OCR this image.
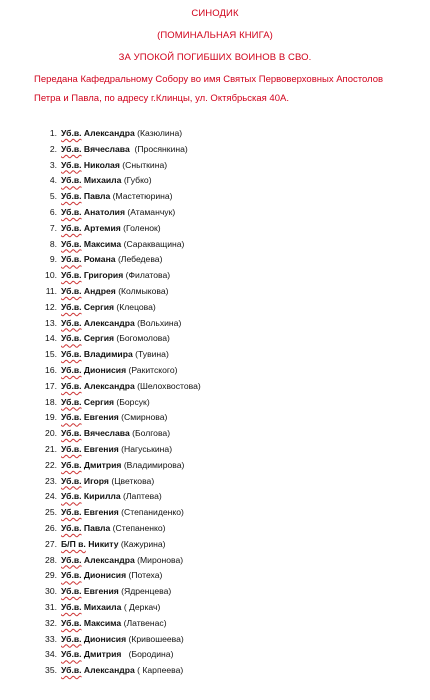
СИНОДИК
(ПОМИНАЛЬНАЯ КНИГА)
ЗА УПОКОЙ ПОГИБШИХ ВОИНОВ В СВО.
Передана Кафедральному Собору во имя Святых Первоверховных Апостолов
Петра и Павла, по адресу г.Клинцы, ул. Октябрьская 40А.
1. Уб.в. Александра (Казюлина)
2. Уб.в. Вячеслава  (Просянкина)
3. Уб.в. Николая (Сныткина)
4. Уб.в. Михаила (Губко)
5. Уб.в. Павла (Мастетюрина)
6. Уб.в. Анатолия (Атаманчук)
7. Уб.в. Артемия (Голенок)
8. Уб.в. Максима (Саракващина)
9. Уб.в. Романа (Лебедева)
10. Уб.в. Григория (Филатова)
11. Уб.в. Андрея (Колмыкова)
12. Уб.в. Сергия (Клецова)
13. Уб.в. Александра (Вольхина)
14. Уб.в. Сергия (Богомолова)
15. Уб.в. Владимира (Тувина)
16. Уб.в. Дионисия (Ракитского)
17. Уб.в. Александра (Шелохвостова)
18. Уб.в. Сергия (Борсук)
19. Уб.в. Евгения (Смирнова)
20. Уб.в. Вячеслава (Болгова)
21. Уб.в. Евгения (Нагуськина)
22. Уб.в. Дмитрия (Владимирова)
23. Уб.в. Игоря (Цветкова)
24. Уб.в. Кирилла (Лаптева)
25. Уб.в. Евгения (Степаниденко)
26. Уб.в. Павла (Степаненко)
27. Б/П в. Никиту (Кажурина)
28. Уб.в. Александра (Миронова)
29. Уб.в. Дионисия (Потеха)
30. Уб.в. Евгения (Ядренцева)
31. Уб.в. Михаила ( Деркач)
32. Уб.в. Максима (Латвенас)
33. Уб.в. Дионисия (Кривошеева)
34. Уб.в. Дмитрия   (Бородина)
35. Уб.в. Александра ( Карпеева)
